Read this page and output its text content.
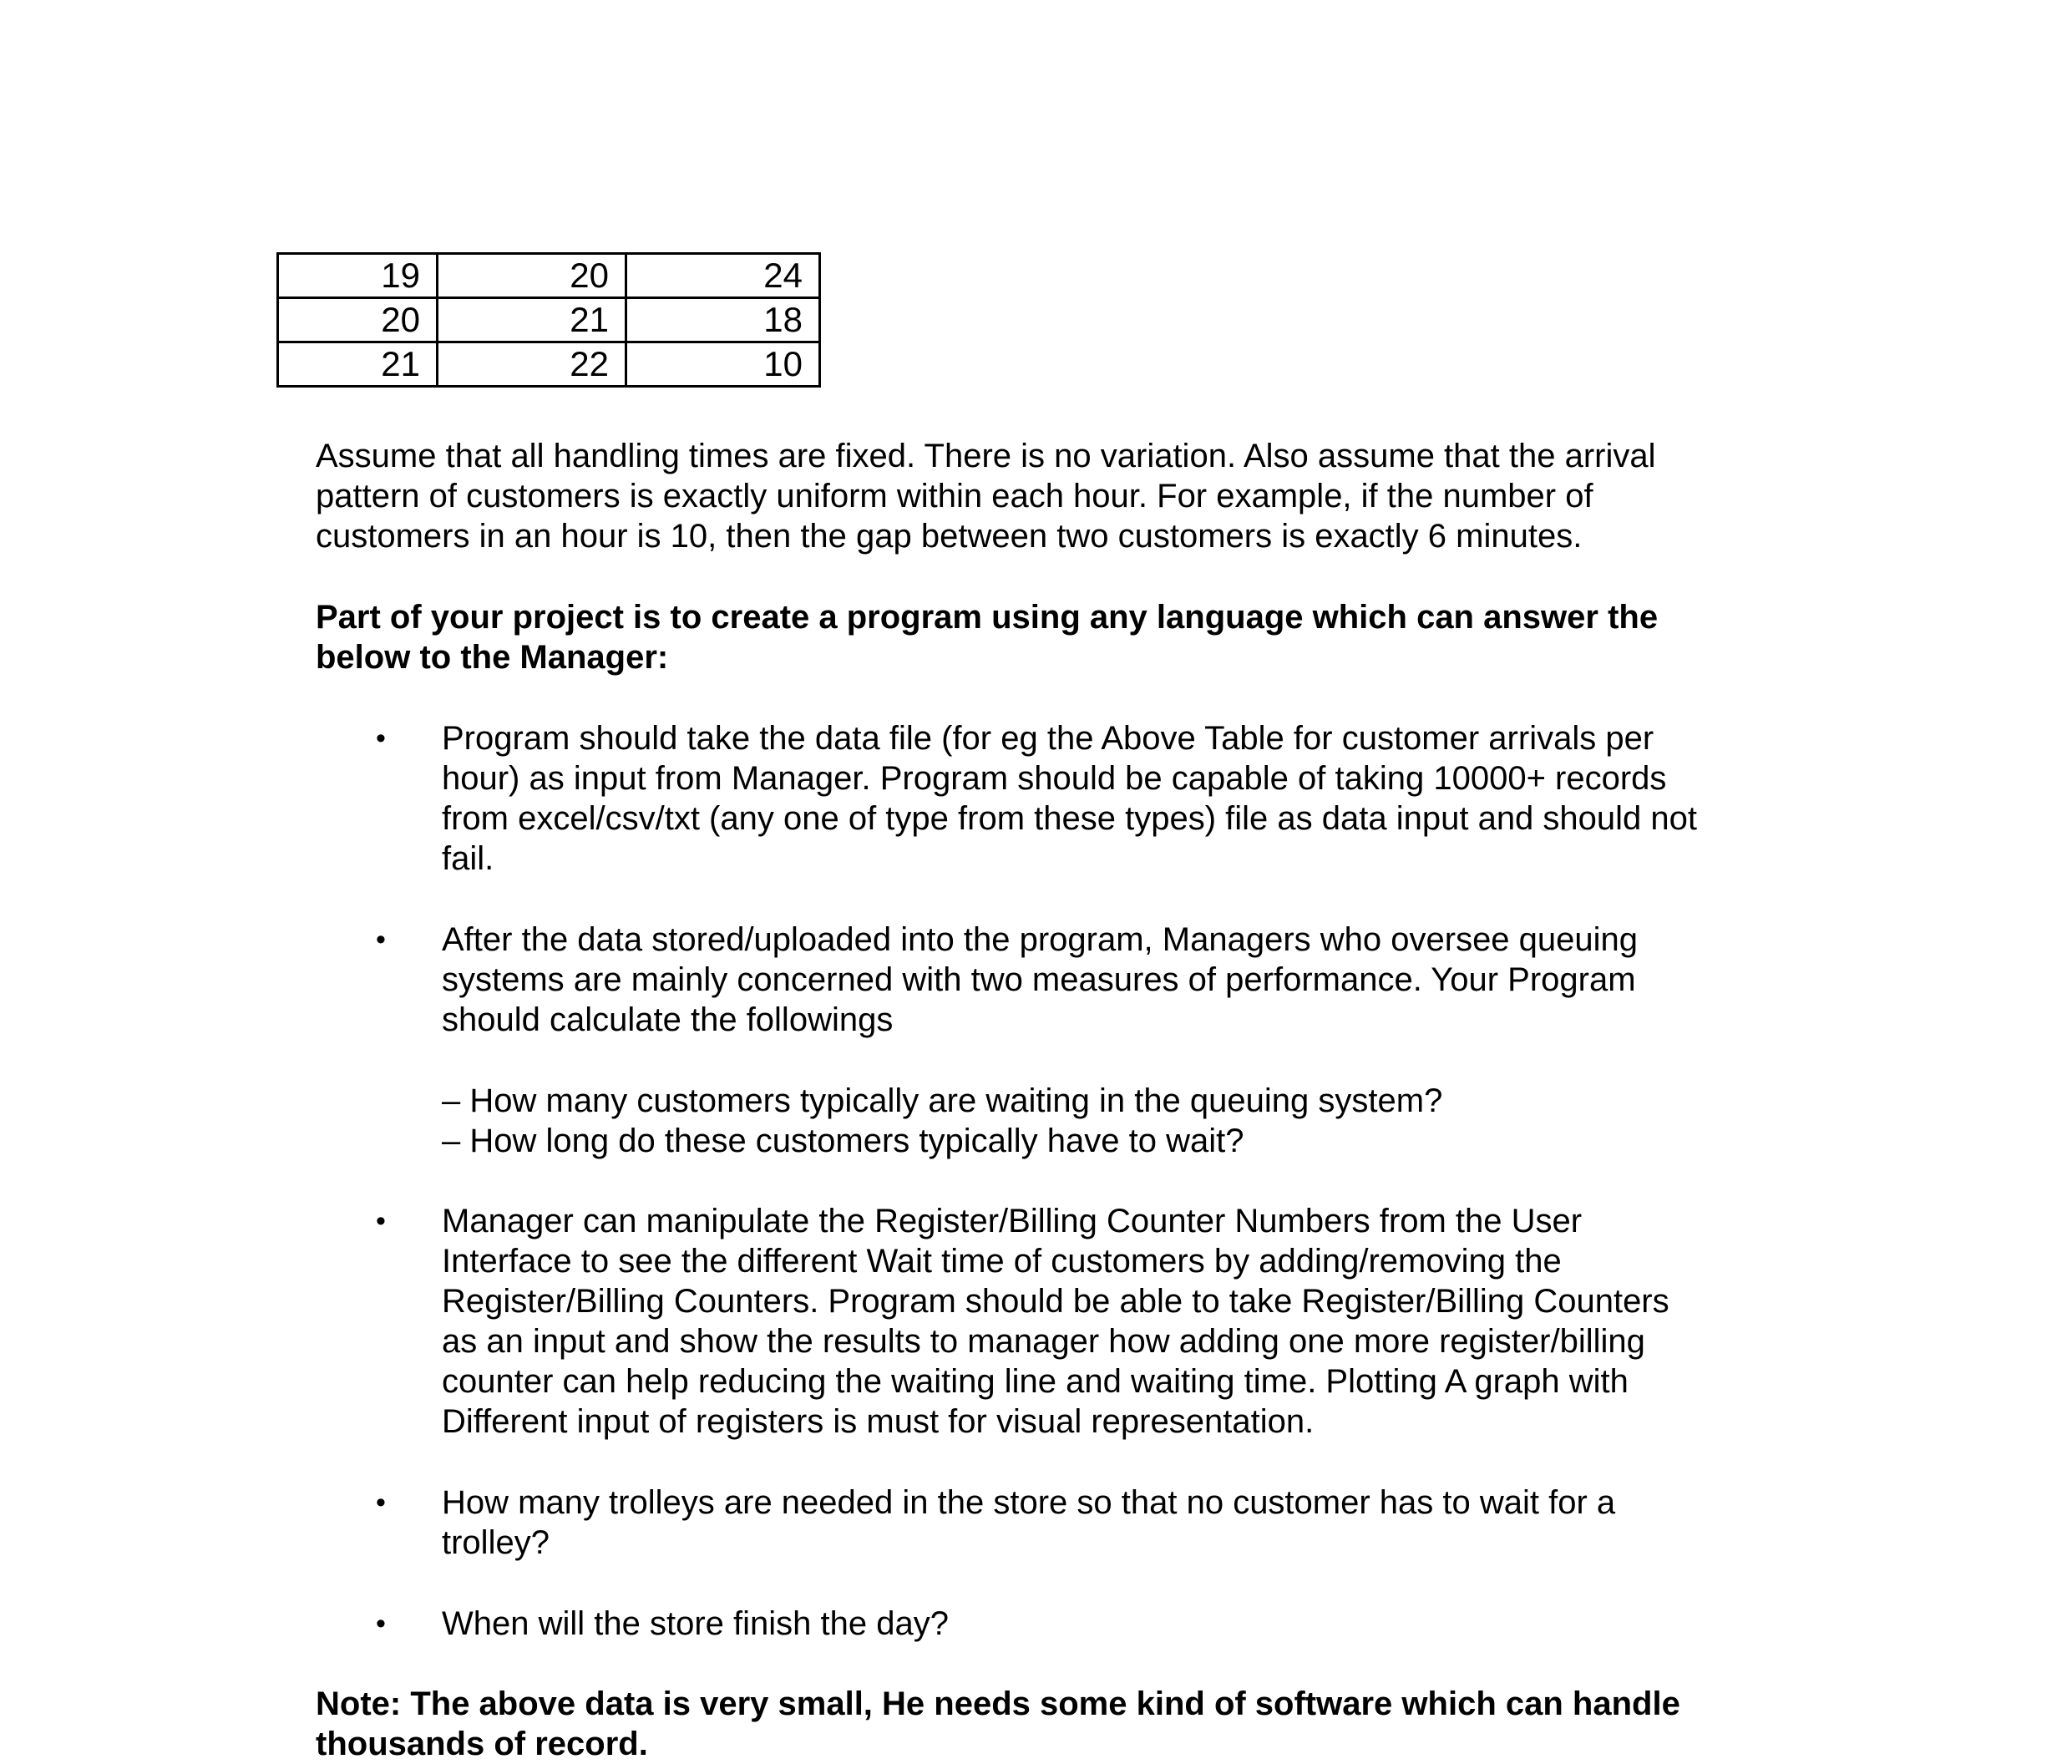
19	20	24
20	21	18
21	22	10

Assume that all handling times are fixed. There is no variation. Also assume that the arrival
pattern of customers is exactly uniform within each hour. For example, if the number of
customers in an hour is 10, then the gap between two customers is exactly 6 minutes.

Part of your project is to create a program using any language which can answer the
below to the Manager:

• Program should take the data file (for eg the Above Table for customer arrivals per
hour) as input from Manager. Program should be capable of taking 10000+ records
from excel/csv/txt (any one of type from these types) file as data input and should not
fail.

• After the data stored/uploaded into the program, Managers who oversee queuing
systems are mainly concerned with two measures of performance. Your Program
should calculate the followings

– How many customers typically are waiting in the queuing system?
– How long do these customers typically have to wait?

• Manager can manipulate the Register/Billing Counter Numbers from the User
Interface to see the different Wait time of customers by adding/removing the
Register/Billing Counters. Program should be able to take Register/Billing Counters
as an input and show the results to manager how adding one more register/billing
counter can help reducing the waiting line and waiting time. Plotting A graph with
Different input of registers is must for visual representation.

• How many trolleys are needed in the store so that no customer has to wait for a
trolley?

• When will the store finish the day?

Note: The above data is very small, He needs some kind of software which can handle
thousands of record.
